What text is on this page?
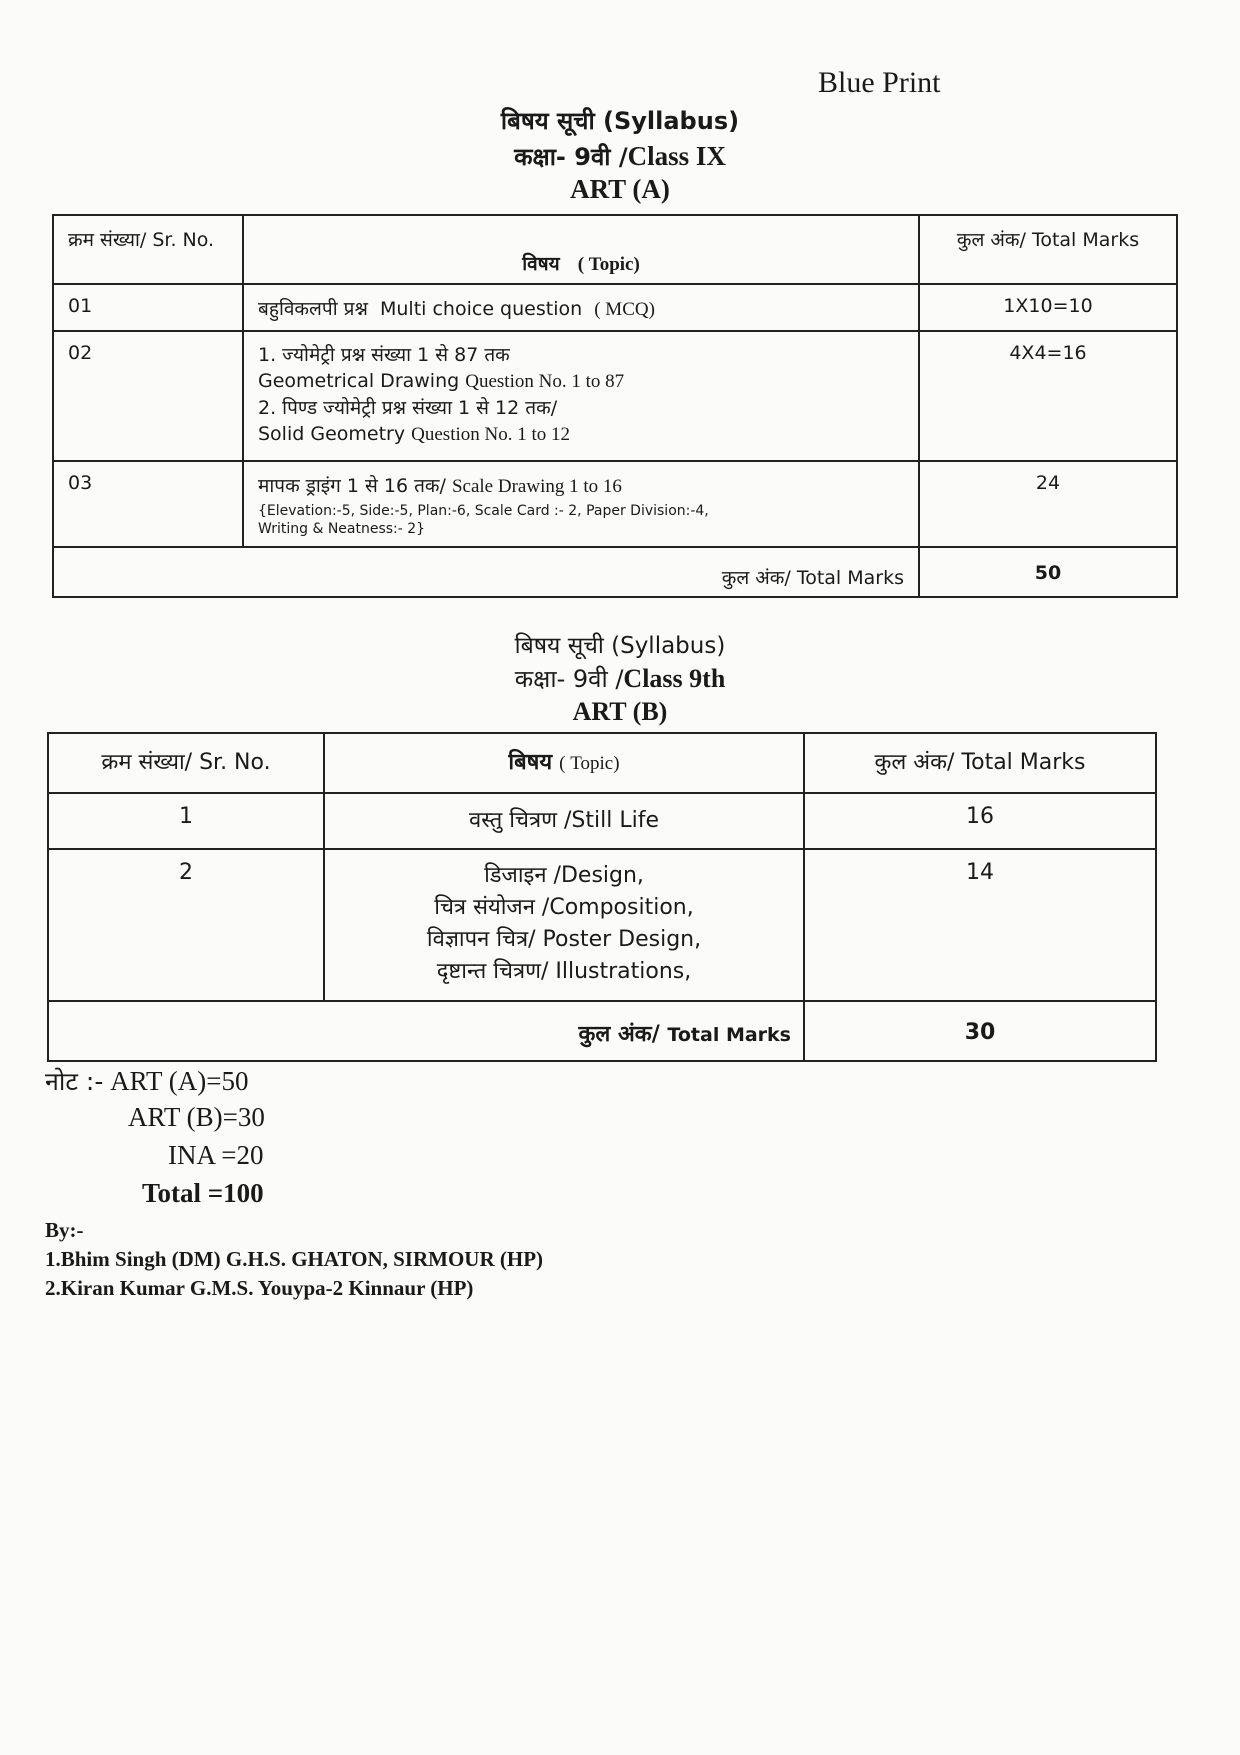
Blue Print
बिषय सूची (Syllabus)
कक्षा- 9वी /Class IX
ART (A)
क्रम संख्या/ Sr. No.	विषय ( Topic)	कुल अंक/ Total Marks
01	बहुविकलपी प्रश्न Multi choice question ( MCQ)	1X10=10
02	1. ज्योमेट्री प्रश्न संख्या 1 से 87 तक
Geometrical Drawing Question No. 1 to 87
2. पिण्ड ज्योमेट्री प्रश्न संख्या 1 से 12 तक/
Solid Geometry Question No. 1 to 12	4X4=16
03	मापक ड्राइंग 1 से 16 तक/ Scale Drawing 1 to 16
{Elevation:-5, Side:-5, Plan:-6, Scale Card :- 2, Paper Division:-4,
Writing & Neatness:- 2}	24
कुल अंक/ Total Marks		50
बिषय सूची (Syllabus)
कक्षा- 9वी /Class 9th
ART (B)
क्रम संख्या/ Sr. No.	बिषय ( Topic)	कुल अंक/ Total Marks
1	वस्तु चित्रण /Still Life	16
2	डिजाइन /Design,
चित्र संयोजन /Composition,
विज्ञापन चित्र/ Poster Design,
दृष्टान्त चित्रण/ Illustrations,	14
कुल अंक/ Total Marks		30
नोट :- ART (A)=50
ART (B)=30
INA =20
Total =100
By:-
1.Bhim Singh (DM) G.H.S. GHATON, SIRMOUR (HP)
2.Kiran Kumar G.M.S. Youypa-2 Kinnaur (HP)
